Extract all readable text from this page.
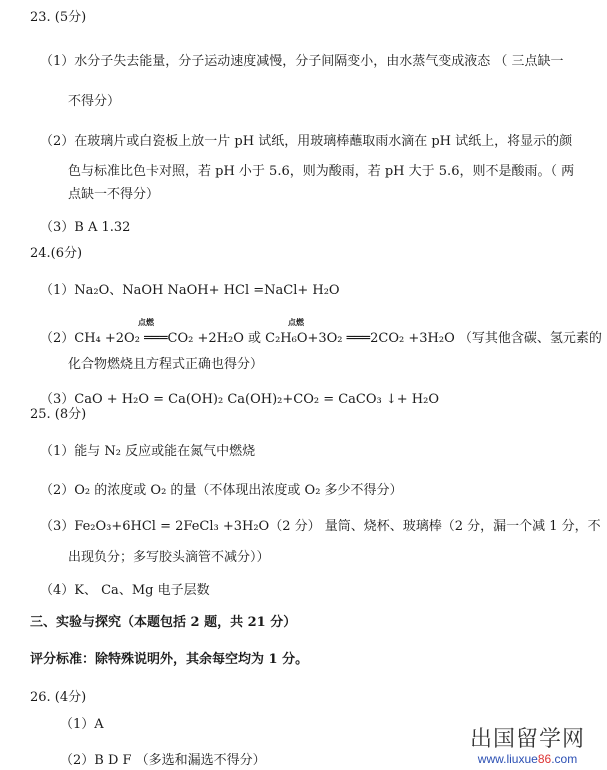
23. (5分)
（1）水分子失去能量，分子运动速度减慢，分子间隔变小，由水蒸气变成液态 （ 三点缺一
不得分）
（2）在玻璃片或白瓷板上放一片 pH 试纸，用玻璃棒蘸取雨水滴在 pH 试纸上，将显示的颜
色与标准比色卡对照，若 pH 小于 5.6，则为酸雨，若 pH 大于 5.6，则不是酸雨。（ 两
点缺一不得分）
（3）B A 1.32
24.(6分)
（1）Na₂O、NaOH NaOH+ HCl =NaCl+ H₂O
点燃	点燃
（2）CH₄ +2O₂ ═══CO₂ +2H₂O 或 C₂H₆O+3O₂ ═══2CO₂ +3H₂O （写其他含碳、氢元素的
化合物燃烧且方程式正确也得分）
（3）CaO + H₂O = Ca(OH)₂ Ca(OH)₂+CO₂ = CaCO₃ ↓+ H₂O
25. (8分)
（1）能与 N₂ 反应或能在氮气中燃烧
（2）O₂ 的浓度或 O₂ 的量（不体现出浓度或 O₂ 多少不得分）
（3）Fe₂O₃+6HCl = 2FeCl₃ +3H₂O（2 分） 量筒、烧杯、玻璃棒（2 分，漏一个减 1 分，不
出现负分；多写胶头滴管不减分））
（4）K、 Ca、Mg 电子层数
三、实验与探究（本题包括 2 题，共 21 分）
评分标准：除特殊说明外，其余每空均为 1 分。
26. (4分)
（1）A
（2）B D F （多选和漏选不得分）
出国留学网
www.liuxue86.com
